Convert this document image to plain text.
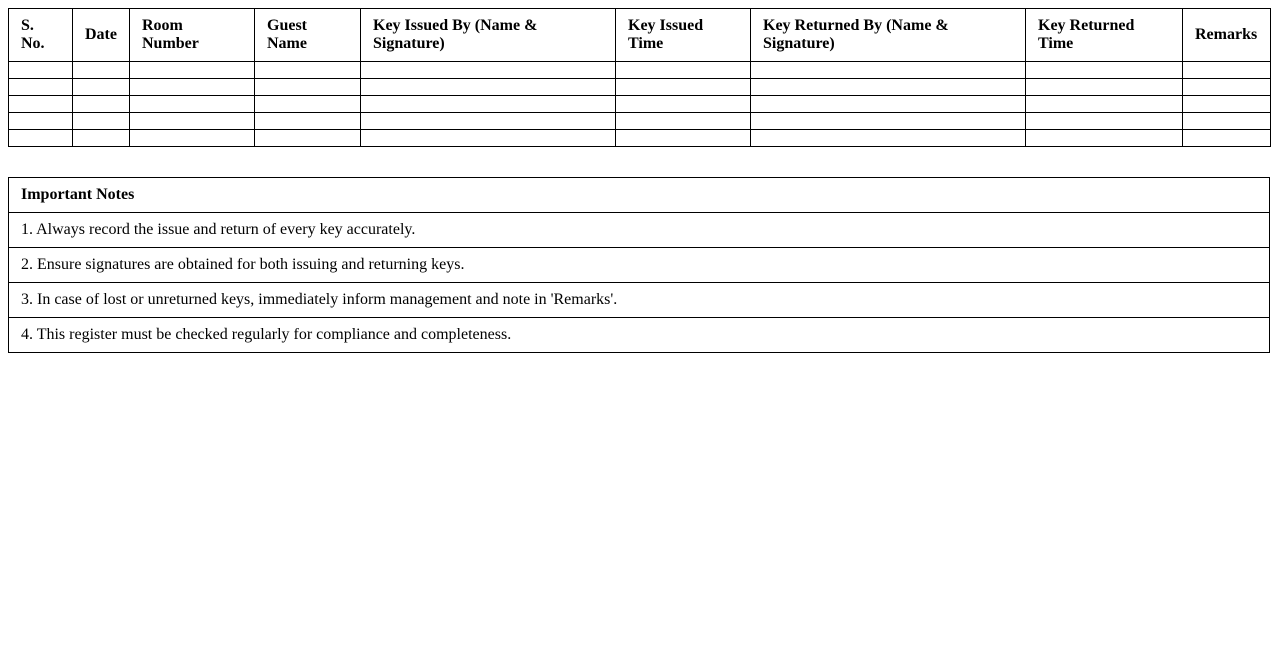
S. No.	Date	Room Number	Guest Name	Key Issued By (Name & Signature)	Key Issued Time	Key Returned By (Name & Signature)	Key Returned Time	Remarks

Important Notes
1. Always record the issue and return of every key accurately.
2. Ensure signatures are obtained for both issuing and returning keys.
3. In case of lost or unreturned keys, immediately inform management and note in 'Remarks'.
4. This register must be checked regularly for compliance and completeness.
